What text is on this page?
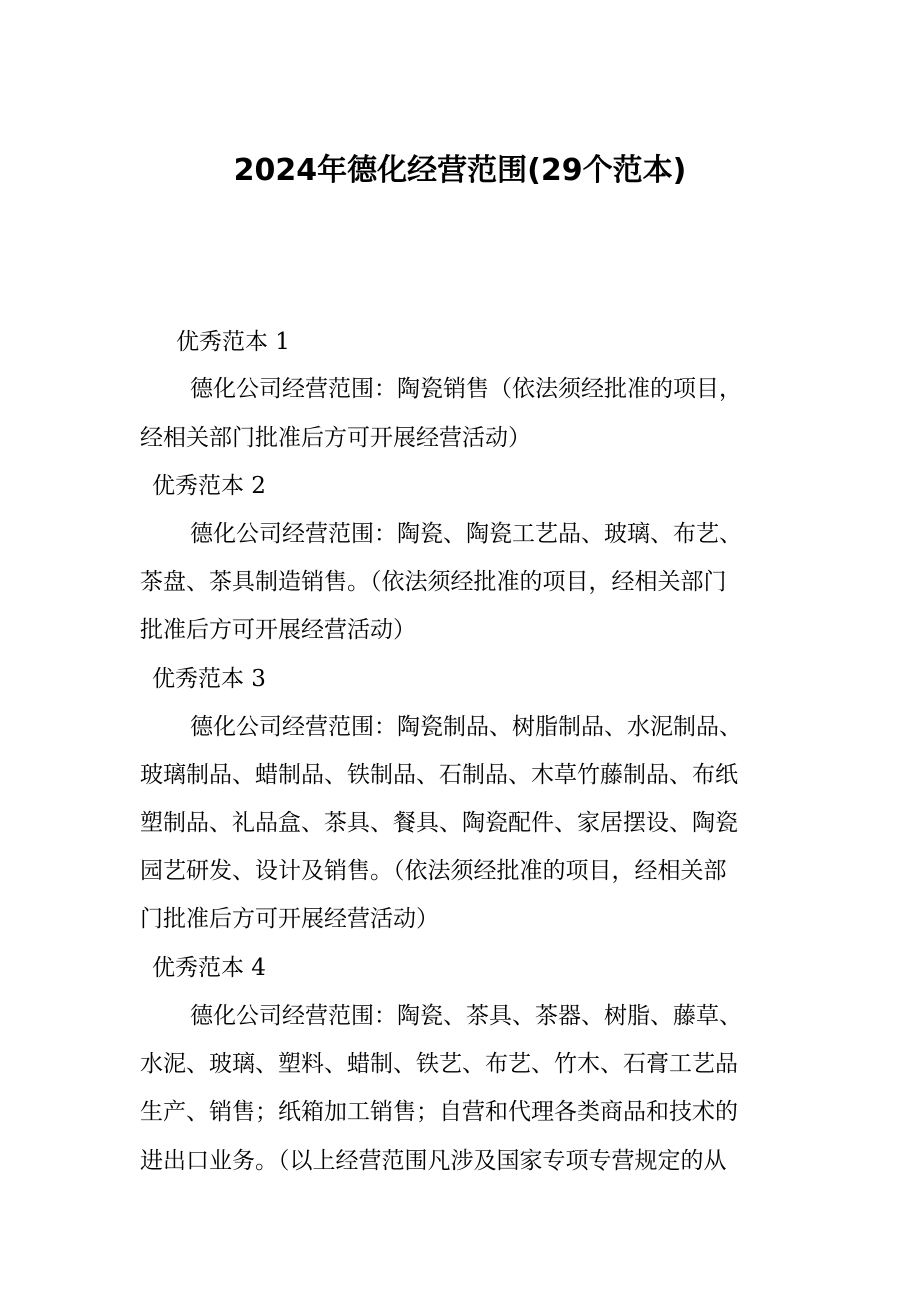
2024年德化经营范围(29个范本)
优秀范本 1
德化公司经营范围：陶瓷销售（依法须经批准的项目，
经相关部门批准后方可开展经营活动）
优秀范本 2
德化公司经营范围：陶瓷、陶瓷工艺品、玻璃、布艺、
茶盘、茶具制造销售。（依法须经批准的项目，经相关部门
批准后方可开展经营活动）
优秀范本 3
德化公司经营范围：陶瓷制品、树脂制品、水泥制品、
玻璃制品、蜡制品、铁制品、石制品、木草竹藤制品、布纸
塑制品、礼品盒、茶具、餐具、陶瓷配件、家居摆设、陶瓷
园艺研发、设计及销售。（依法须经批准的项目，经相关部
门批准后方可开展经营活动）
优秀范本 4
德化公司经营范围：陶瓷、茶具、茶器、树脂、藤草、
水泥、玻璃、塑料、蜡制、铁艺、布艺、竹木、石膏工艺品
生产、销售；纸箱加工销售；自营和代理各类商品和技术的
进出口业务。（以上经营范围凡涉及国家专项专营规定的从
